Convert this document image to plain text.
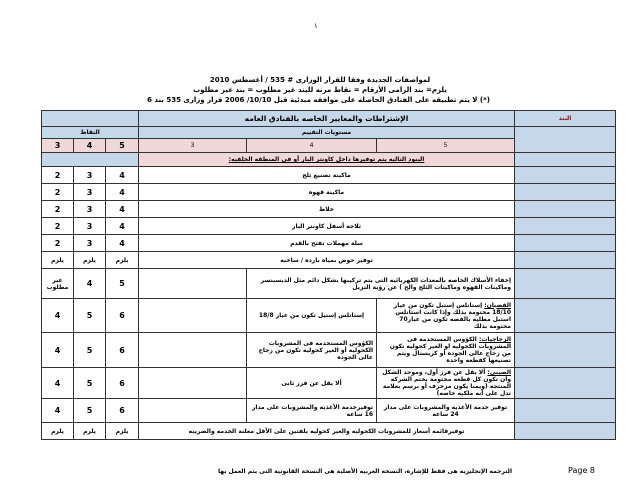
١
لمواصفات الجديدة وفقا للقرار الوزارى # 535 / أغسطس 2010
يلزم= بند الزامى الأرقام = نقاط مرنه للبند غير مطلوب = بند غير مطلوب
(*) لا يتم تطبيقه على الفنادق الحاصله على موافقه مبدئية قبل 10/10/ 2006 قرار وزارى 535 بند 6
البند	الإشتراطات والمعايير الخاصه بالفنادق العامه					
	مستويات التقييم			النقاط		
	5	4	3	5	4	3
	البنود التاليه يتم توفيرها داخل كاونتر البار أو فى المنطقه الخلفيه:					
	ماكينة تصنيع ثلج			4	3	2
	ماكينة قهوه			4	3	2
	خلاط			4	3	2
	ثلاجه أسفل كاونتر البار			4	3	2
	سلة مهملات تفتح بالقدم			4	3	2
	توفير حوض بمياه بارده / ساخنه			يلزم	يلزم	يلزم
	إخفاء الأسلاك الخاصه بالمعدات الكهربائيه التى يتم تركيبها بشكل دائم مثل الديسبنسر وماكينات القهوه وماكينات الثلج والخ ) عن رؤية النزيل			5	4	غير مطلوب
	القضبان: إستانلس إستيل تكون من عيار 18/10 مختومة بذلك وإذا كانت استانلس استيل مطليه بالفضه تكون من عيار70 مختومة بذلك	إستانلس إستيل تكون من عيار 18/8		6	5	4
	الزجاجيات: الكؤوس المستخدمه فى المشروبات الكحوليه او الغير كحوليه تكون من زجاج عالى الجوده أو كريستال ويتم تصنيعها كقطعه واحده	الكؤوس المستخدمه فى المشروبات الكحوليه أو الغير كحوليه تكون من زجاج عالى الجوده		6	5	4
	الصينى: ألا يقل عن فرز أول، وموحد الشكل وأن تكون كل قطعه مختومة بختم الشركه المنتجه (ويمنا يكون مزخرف أو برسم بعلامة تدل على أنه ملكيه خاصه)	ألا يقل عن فرز ثانى		6	5	4
	توفير خدمة الأغذيه والمشروبات على مدار 24 ساعه	توفيرخدمة الأغذيه والمشروبات على مدار 16 ساعه		6	5	4
	توفيرقائمه أسعار للمشروبات الكحوليه والغير كحوليه يلفتين على الأقل معلنة الخدمه والضريبه			يلزم	يلزم	يلزم
الترجمه الإنجليزيه هى فقط للإشاره، النسخه العربيه الأصلية هى النسخة القانونية التى يتم العمل بها	Page 8
